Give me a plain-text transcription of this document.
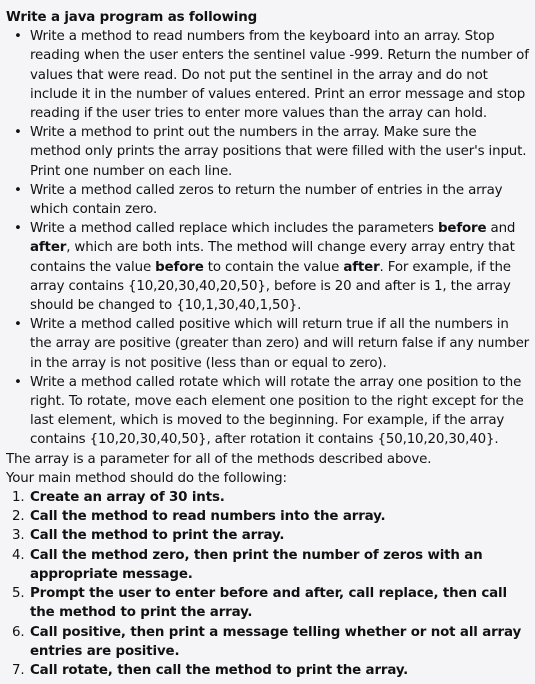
Write a java program as following
• Write a method to read numbers from the keyboard into an array. Stop reading when the user enters the sentinel value -999. Return the number of values that were read. Do not put the sentinel in the array and do not include it in the number of values entered. Print an error message and stop reading if the user tries to enter more values than the array can hold.
• Write a method to print out the numbers in the array. Make sure the method only prints the array positions that were filled with the user's input. Print one number on each line.
• Write a method called zeros to return the number of entries in the array which contain zero.
• Write a method called replace which includes the parameters before and after, which are both ints. The method will change every array entry that contains the value before to contain the value after. For example, if the array contains {10,20,30,40,20,50}, before is 20 and after is 1, the array should be changed to {10,1,30,40,1,50}.
• Write a method called positive which will return true if all the numbers in the array are positive (greater than zero) and will return false if any number in the array is not positive (less than or equal to zero).
• Write a method called rotate which will rotate the array one position to the right. To rotate, move each element one position to the right except for the last element, which is moved to the beginning. For example, if the array contains {10,20,30,40,50}, after rotation it contains {50,10,20,30,40}.

The array is a parameter for all of the methods described above.

Your main method should do the following:

1. Create an array of 30 ints.
2. Call the method to read numbers into the array.
3. Call the method to print the array.
4. Call the method zero, then print the number of zeros with an appropriate message.
5. Prompt the user to enter before and after, call replace, then call the method to print the array.
6. Call positive, then print a message telling whether or not all array entries are positive.
7. Call rotate, then call the method to print the array.
